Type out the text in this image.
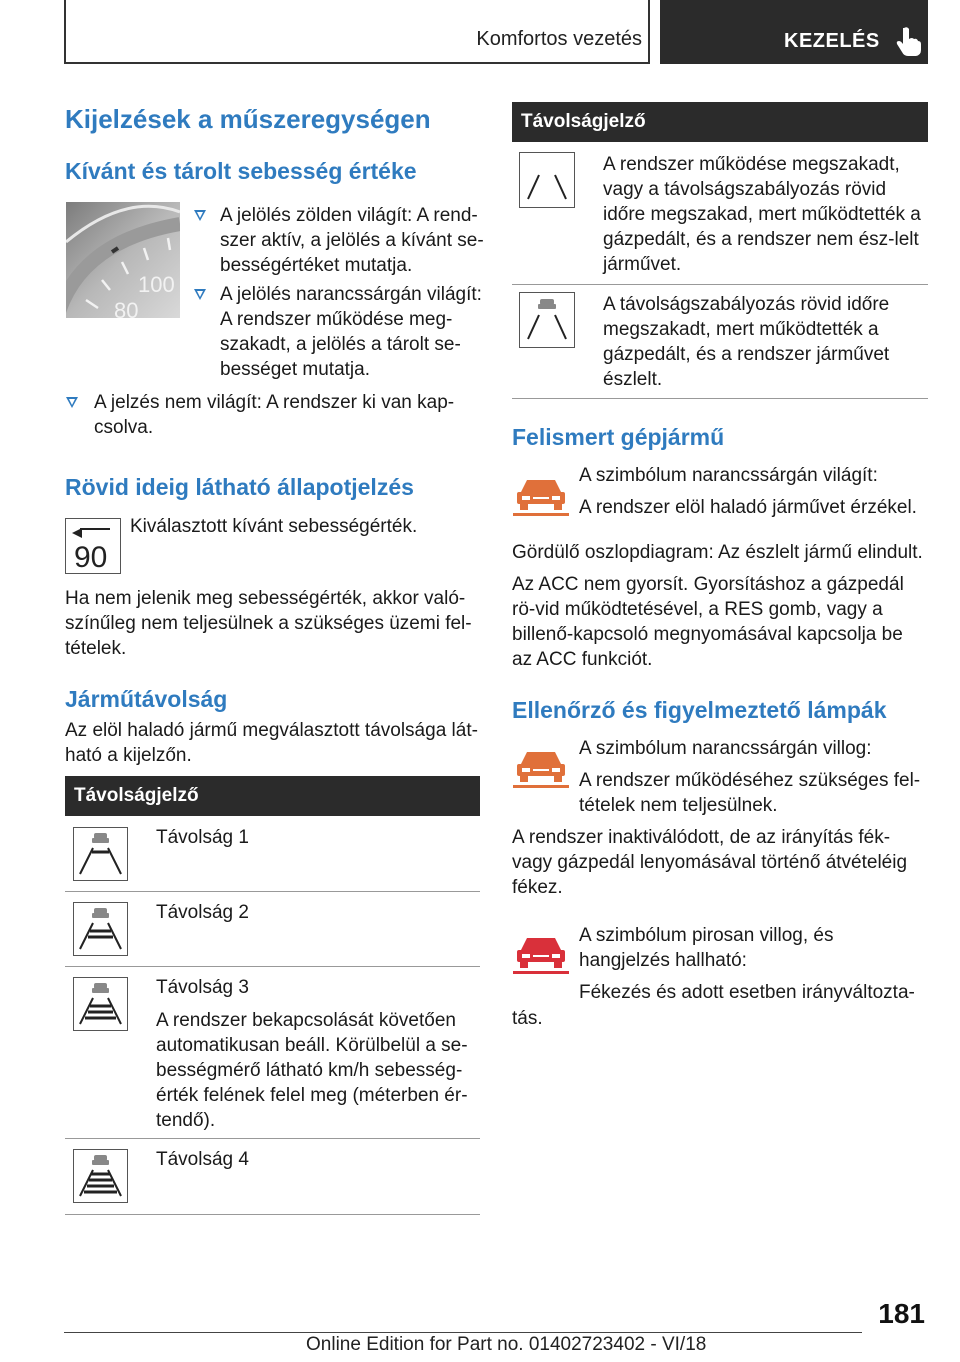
Komfortos vezetés	KEZELÉS
Kijelzések a műszeregységen
Kívánt és tárolt sebesség értéke
100
80
A jelölés zölden világít: A rend-szer aktív, a jelölés a kívánt se-bességértéket mutatja.
A jelölés narancssárgán világít: A rendszer működése meg-szakadt, a jelölés a tárolt se-bességet mutatja.
A jelzés nem világít: A rendszer ki van kap-csolva.
Rövid ideig látható állapotjelzés
90

Kiválasztott kívánt sebességérték.

Ha nem jelenik meg sebességérték, akkor való-színűleg nem teljesülnek a szükséges üzemi fel-tételek.

Járműtávolság

Az elöl haladó jármű megválasztott távolsága lát-ható a kijelzőn.

Távolságjelző
Távolság 1
Távolság 2
Távolság 3
A rendszer bekapcsolását követően automatikusan beáll. Körülbelül a se-bességmérő látható km/h sebesség-érték felének felel meg (méterben ér-tendő).
Távolság 4
Távolságjelző
A rendszer működése megszakadt, vagy a távolságszabályozás rövid időre megszakad, mert működtették a gázpedált, és a rendszer nem ész-lelt járművet.
A távolságszabályozás rövid időre megszakadt, mert működtették a gázpedált, és a rendszer járművet észlelt.
Felismert gépjármű

A szimbólum narancssárgán világít:

A rendszer elöl haladó járművet érzékel.

Gördülő oszlopdiagram: Az észlelt jármű elindult.

Az ACC nem gyorsít. Gyorsításhoz a gázpedál rö-vid működtetésével, a RES gomb, vagy a billenő-kapcsoló megnyomásával kapcsolja be az ACC funkciót.

Ellenőrző és figyelmeztető lámpák

A szimbólum narancssárgán villog:

A rendszer működéséhez szükséges fel-tételek nem teljesülnek.

A rendszer inaktiválódott, de az irányítás fék-vagy gázpedál lenyomásával történő átvételéig fékez.

A szimbólum pirosan villog, és hangjelzés hallható:

Fékezés és adott esetben irányváltozta-

tás.

181
Online Edition for Part no. 01402723402 - VI/18
